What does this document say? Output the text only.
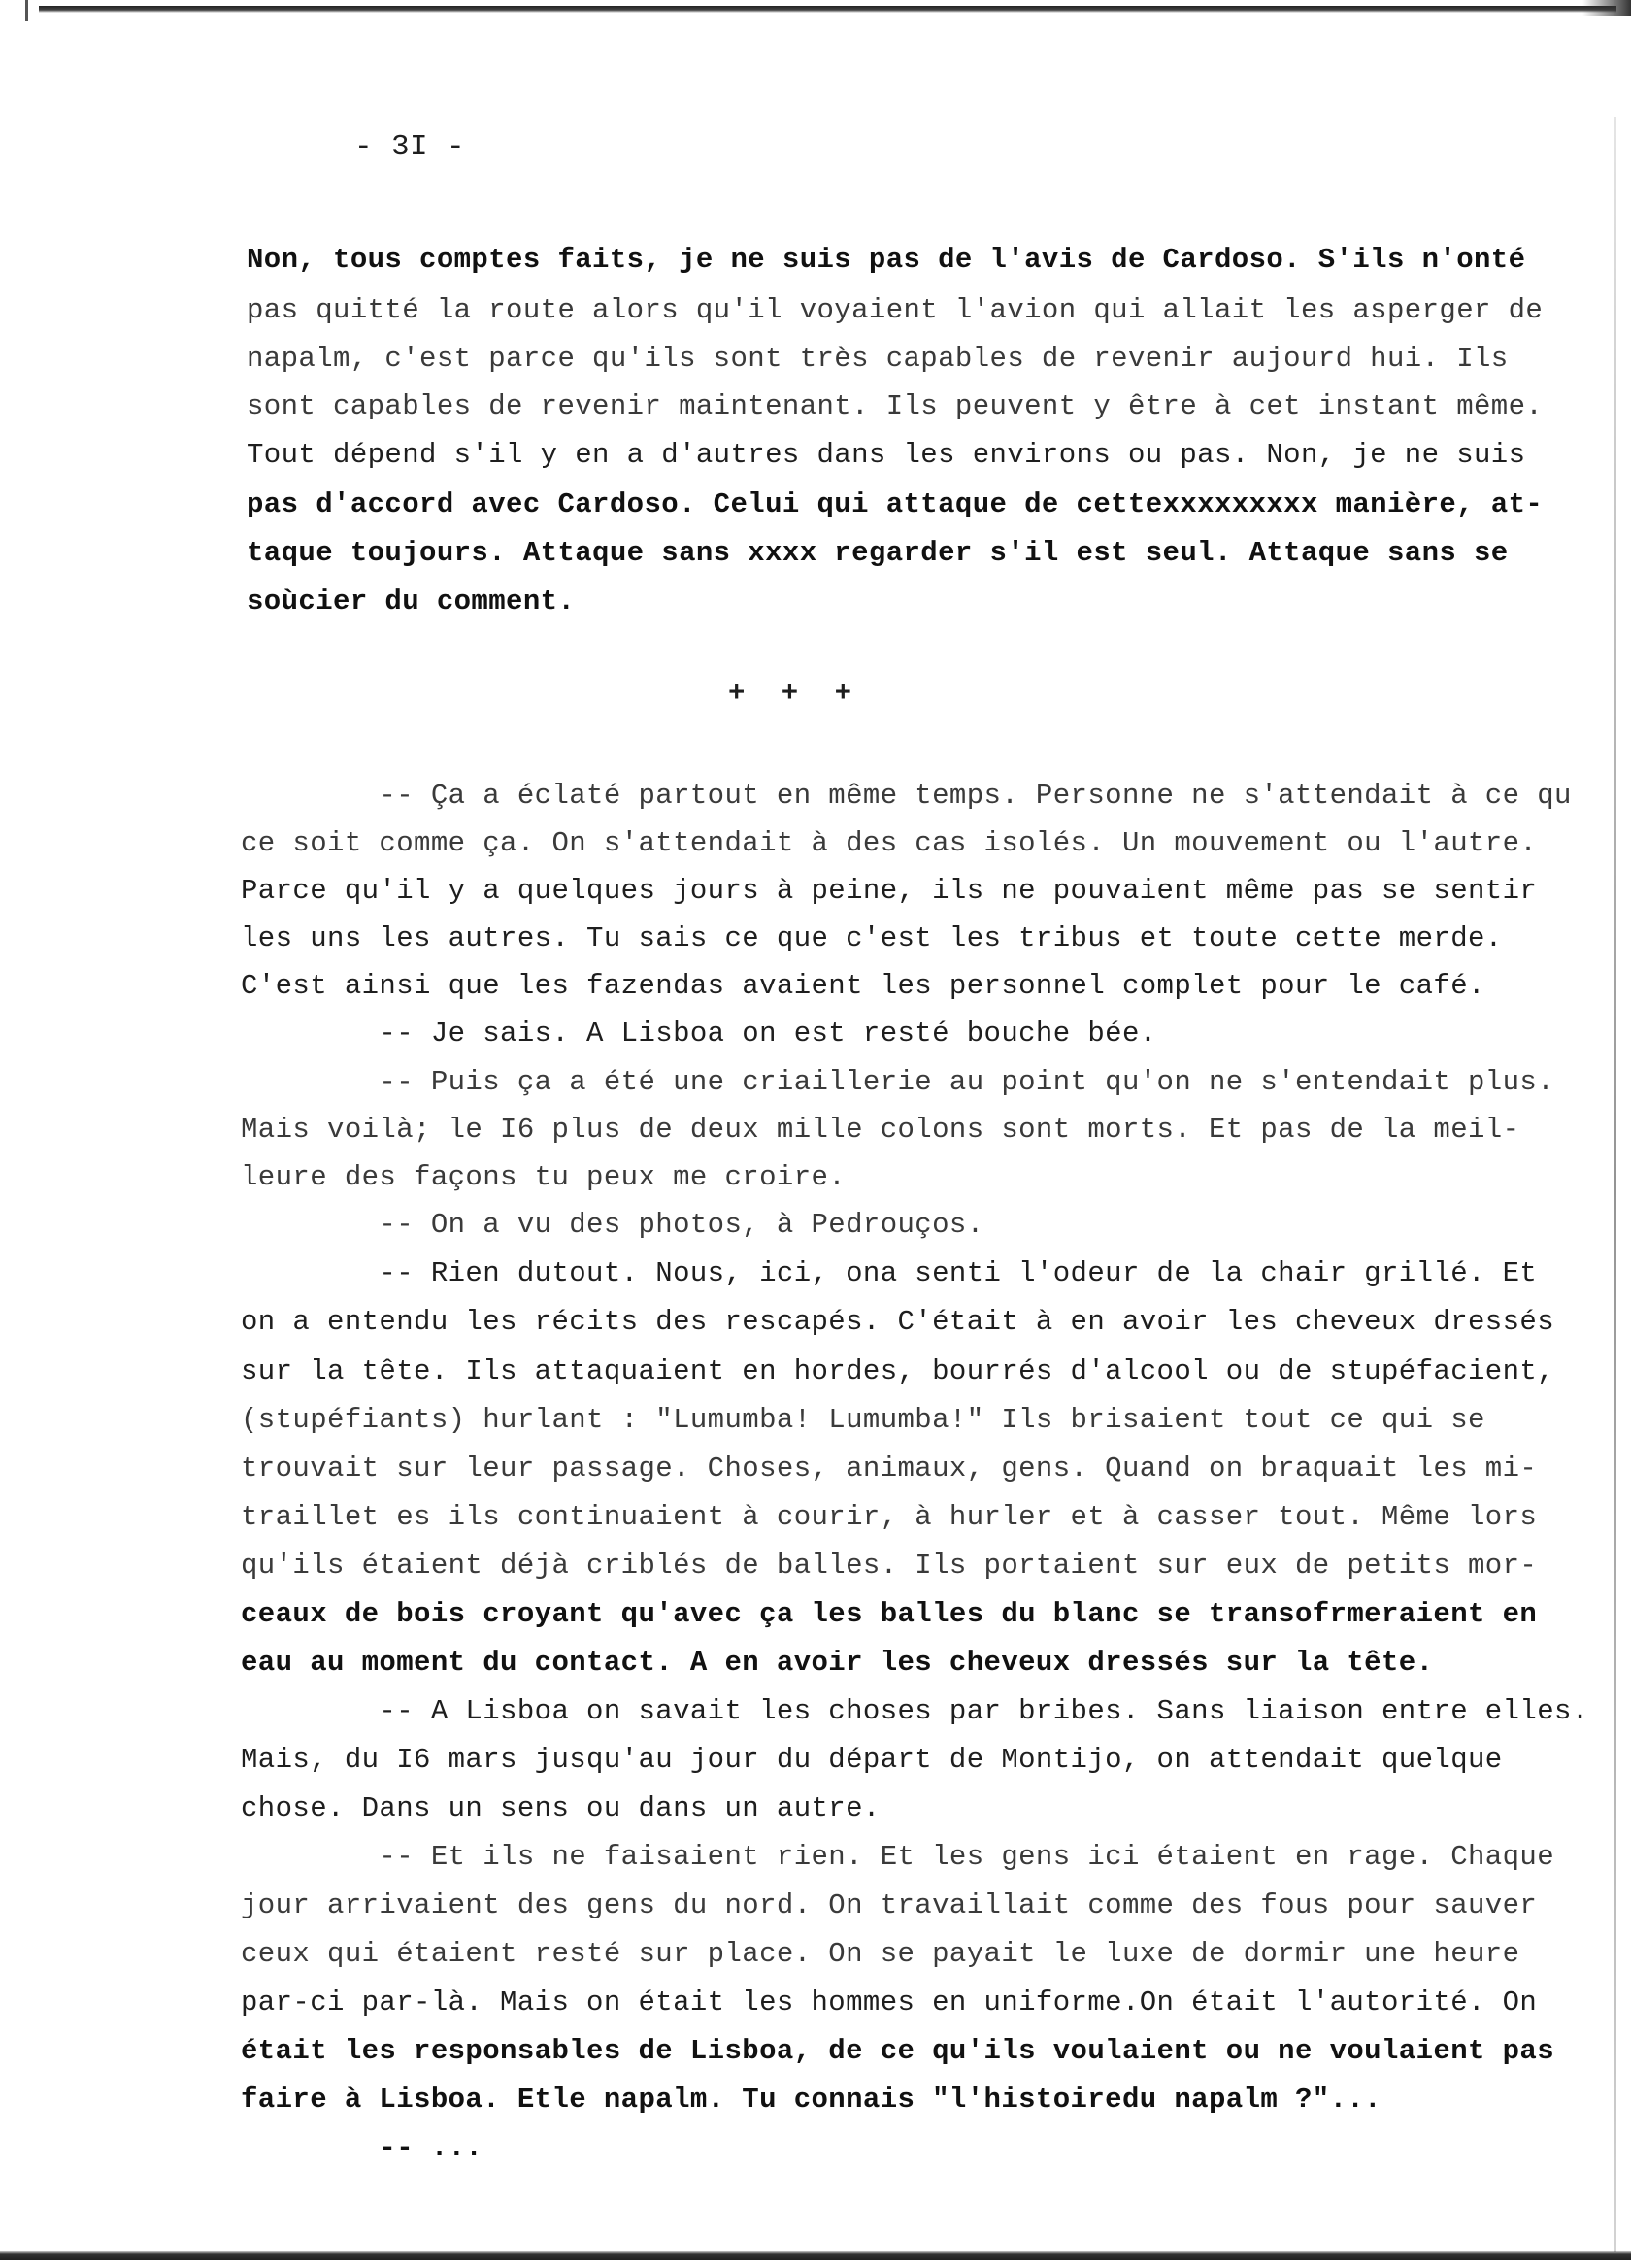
- 3I -
Non, tous comptes faits, je ne suis pas de l'avis de Cardoso. S'ils n'onté
pas quitté la route alors qu'il voyaient l'avion qui allait les asperger de
napalm, c'est parce qu'ils sont très capables de revenir aujourd hui. Ils
sont capables de revenir maintenant. Ils peuvent y être à cet instant même.
Tout dépend s'il y en a d'autres dans les environs ou pas. Non, je ne suis
pas d'accord avec Cardoso. Celui qui attaque de cettexxxxxxxxx manière, at-
taque toujours. Attaque sans xxxx regarder s'il est seul. Attaque sans se
soùcier du comment.
+ + +
-- Ça a éclaté partout en même temps. Personne ne s'attendait à ce qu
ce soit comme ça. On s'attendait à des cas isolés. Un mouvement ou l'autre.
Parce qu'il y a quelques jours à peine, ils ne pouvaient même pas se sentir
les uns les autres. Tu sais ce que c'est les tribus et toute cette merde.
C'est ainsi que les fazendas avaient les personnel complet pour le café.
-- Je sais. A Lisboa on est resté bouche bée.
-- Puis ça a été une criaillerie au point qu'on ne s'entendait plus.
Mais voilà; le I6 plus de deux mille colons sont morts. Et pas de la meil-
leure des façons tu peux me croire.
-- On a vu des photos, à Pedrouços.
-- Rien dutout. Nous, ici, ona senti l'odeur de la chair grillé. Et
on a entendu les récits des rescapés. C'était à en avoir les cheveux dressés
sur la tête. Ils attaquaient en hordes, bourrés d'alcool ou de stupéfacient,
(stupéfiants) hurlant : "Lumumba! Lumumba!" Ils brisaient tout ce qui se
trouvait sur leur passage. Choses, animaux, gens. Quand on braquait les mi-
traillet es ils continuaient à courir, à hurler et à casser tout. Même lors
qu'ils étaient déjà criblés de balles. Ils portaient sur eux de petits mor-
ceaux de bois croyant qu'avec ça les balles du blanc se transofrmeraient en
eau au moment du contact. A en avoir les cheveux dressés sur la tête.
-- A Lisboa on savait les choses par bribes. Sans liaison entre elles.
Mais, du I6 mars jusqu'au jour du départ de Montijo, on attendait quelque
chose. Dans un sens ou dans un autre.
-- Et ils ne faisaient rien. Et les gens ici étaient en rage. Chaque
jour arrivaient des gens du nord. On travaillait comme des fous pour sauver
ceux qui étaient resté sur place. On se payait le luxe de dormir une heure
par-ci par-là. Mais on était les hommes en uniforme.On était l'autorité. On
était les responsables de Lisboa, de ce qu'ils voulaient ou ne voulaient pas
faire à Lisboa. Etle napalm. Tu connais "l'histoiredu napalm ?"...
-- ...
